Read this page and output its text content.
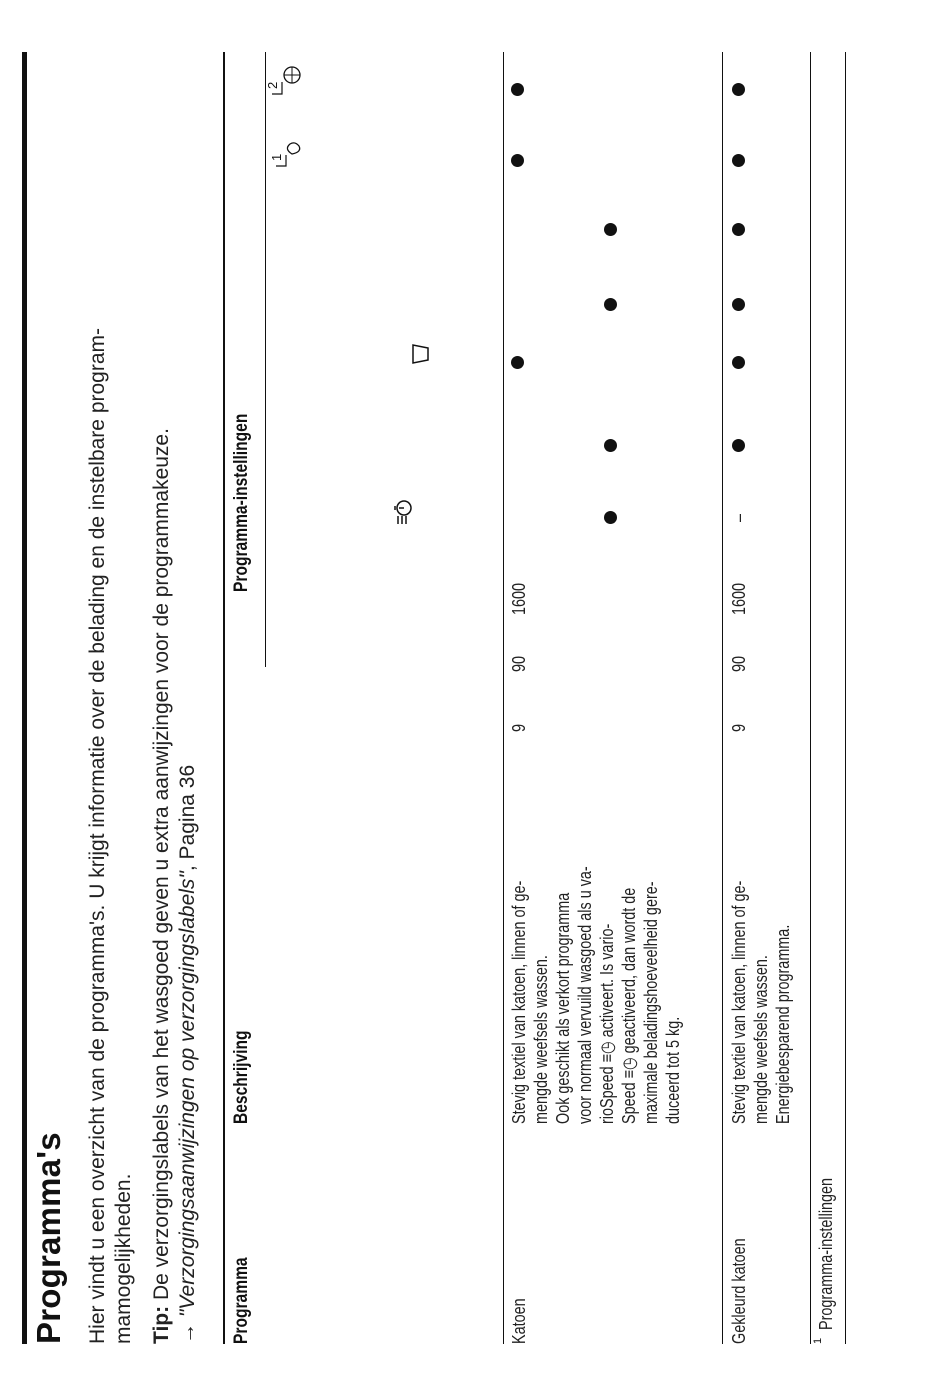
Programma's Hier vindt u een overzicht van de programma's. U krijgt informatie over de belading en de instelbare program- mamogelijkheden. Tip: De verzorgingslabels van het wasgoed geven u extra aanwijzingen voor de programmakeuze.
→ "Verzorgingsaanwijzingen op verzorgingslabels", Pagina 36
Programma
Beschrijving
Programma-instellingen
1
2
Katoen
Stevig textiel van katoen, linnen of ge- mengde weefsels wassen. Ook geschikt als verkort programma voor normaal vervuild wasgoed als u va- rioSpeed ≡◷ activeert. Is vario- Speed ≡◷ geactiveerd, dan wordt de maximale beladingshoeveelheid gere- duceerd tot 5 kg.
9
90
1600
Gekleurd katoen
Stevig textiel van katoen, linnen of ge- mengde weefsels wassen. Energiebesparend programma.
9
90
1600
–
1
Programma-instellingen
